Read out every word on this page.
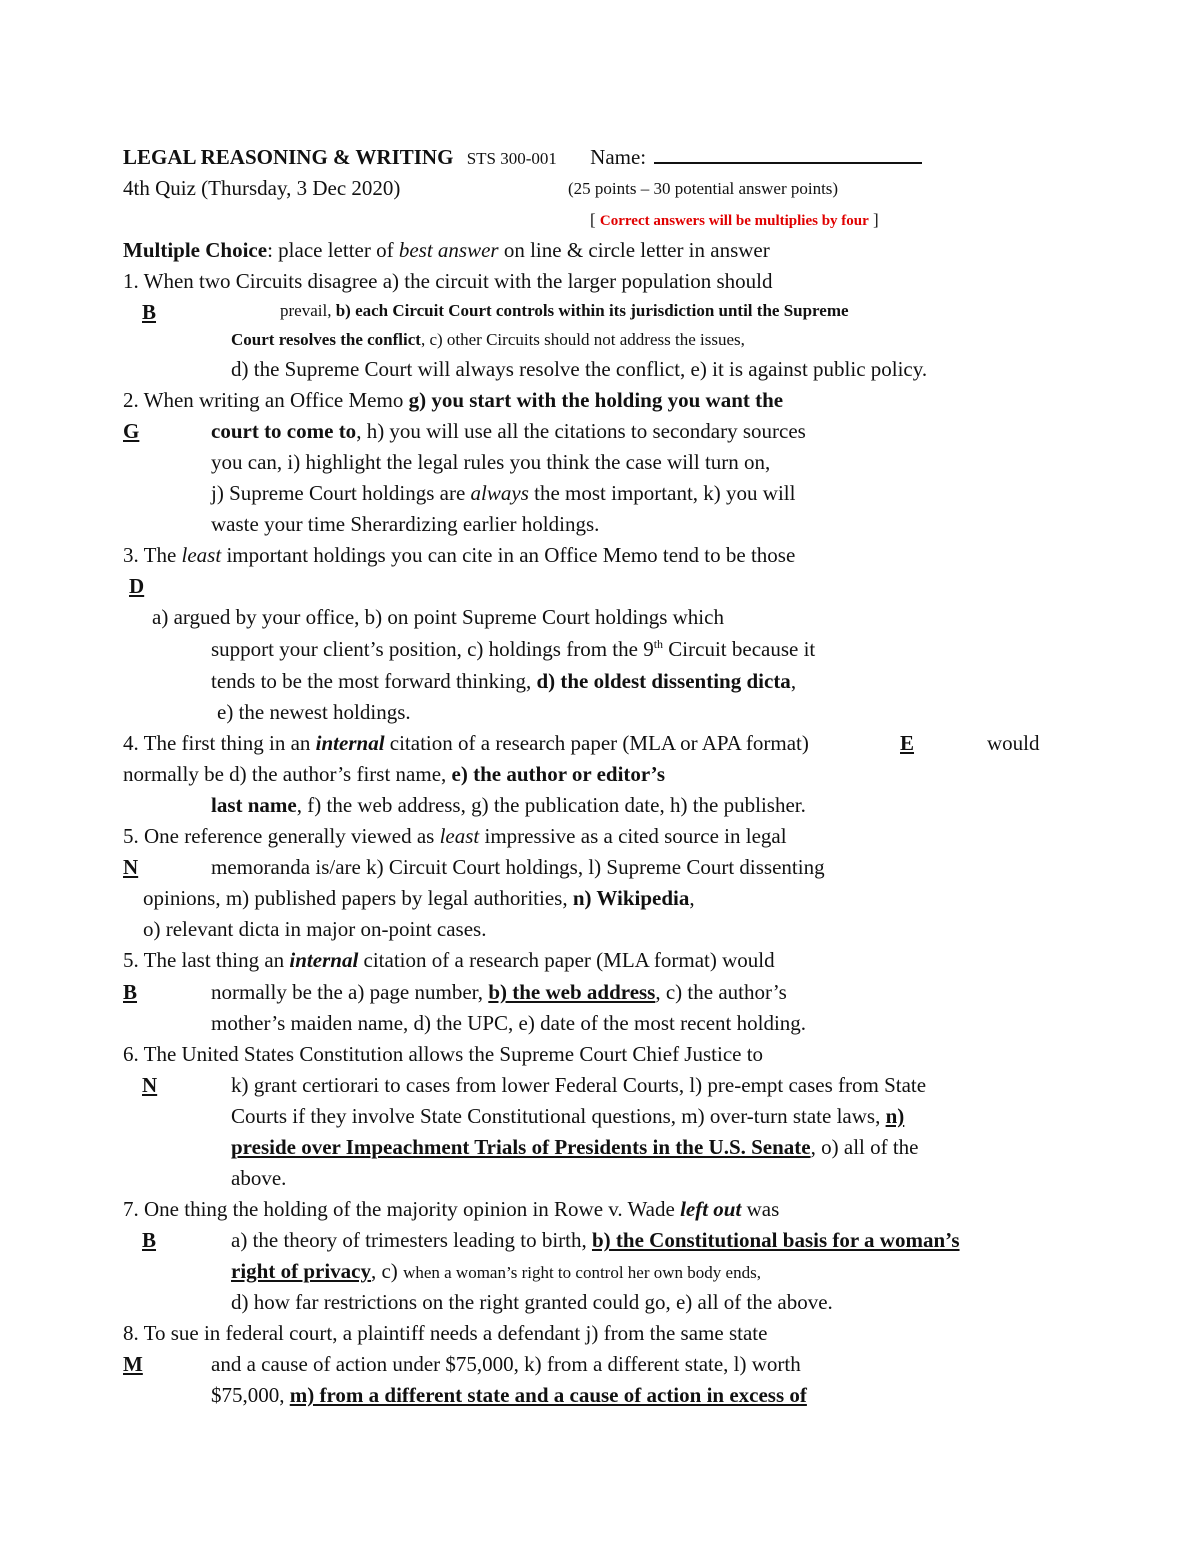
LEGAL REASONING & WRITING STS 300-001 Name:
4th Quiz (Thursday, 3 Dec 2020)	(25 points – 30 potential answer points)
[ Correct answers will be multiplies by four ]
Multiple Choice: place letter of best answer on line & circle letter in answer
1. When two Circuits disagree a) the circuit with the larger population should
B	prevail, b) each Circuit Court controls within its jurisdiction until the Supreme
Court resolves the conflict, c) other Circuits should not address the issues,
d) the Supreme Court will always resolve the conflict, e) it is against public policy.
2. When writing an Office Memo g) you start with the holding you want the
G	court to come to, h) you will use all the citations to secondary sources
you can, i) highlight the legal rules you think the case will turn on,
j) Supreme Court holdings are always the most important, k) you will
waste your time Sherardizing earlier holdings.
3. The least important holdings you can cite in an Office Memo tend to be those
D
a) argued by your office, b) on point Supreme Court holdings which
support your client’s position, c) holdings from the 9th Circuit because it
tends to be the most forward thinking, d) the oldest dissenting dicta,
e) the newest holdings.
4. The first thing in an internal citation of a research paper (MLA or APA format)	E	would
normally be d) the author’s first name, e) the author or editor’s
last name, f) the web address, g) the publication date, h) the publisher.
5. One reference generally viewed as least impressive as a cited source in legal
N	memoranda is/are k) Circuit Court holdings, l) Supreme Court dissenting
opinions, m) published papers by legal authorities, n) Wikipedia,
o) relevant dicta in major on-point cases.
5. The last thing an internal citation of a research paper (MLA format) would
B	normally be the a) page number, b) the web address, c) the author’s
mother’s maiden name, d) the UPC, e) date of the most recent holding.
6. The United States Constitution allows the Supreme Court Chief Justice to
N	k) grant certiorari to cases from lower Federal Courts, l) pre-empt cases from State
Courts if they involve State Constitutional questions, m) over-turn state laws, n)
preside over Impeachment Trials of Presidents in the U.S. Senate, o) all of the
above.
7. One thing the holding of the majority opinion in Rowe v. Wade left out was
B	a) the theory of trimesters leading to birth, b) the Constitutional basis for a woman’s
right of privacy, c) when a woman’s right to control her own body ends,
d) how far restrictions on the right granted could go, e) all of the above.
8. To sue in federal court, a plaintiff needs a defendant j) from the same state
M	and a cause of action under $75,000, k) from a different state, l) worth
$75,000, m) from a different state and a cause of action in excess of
